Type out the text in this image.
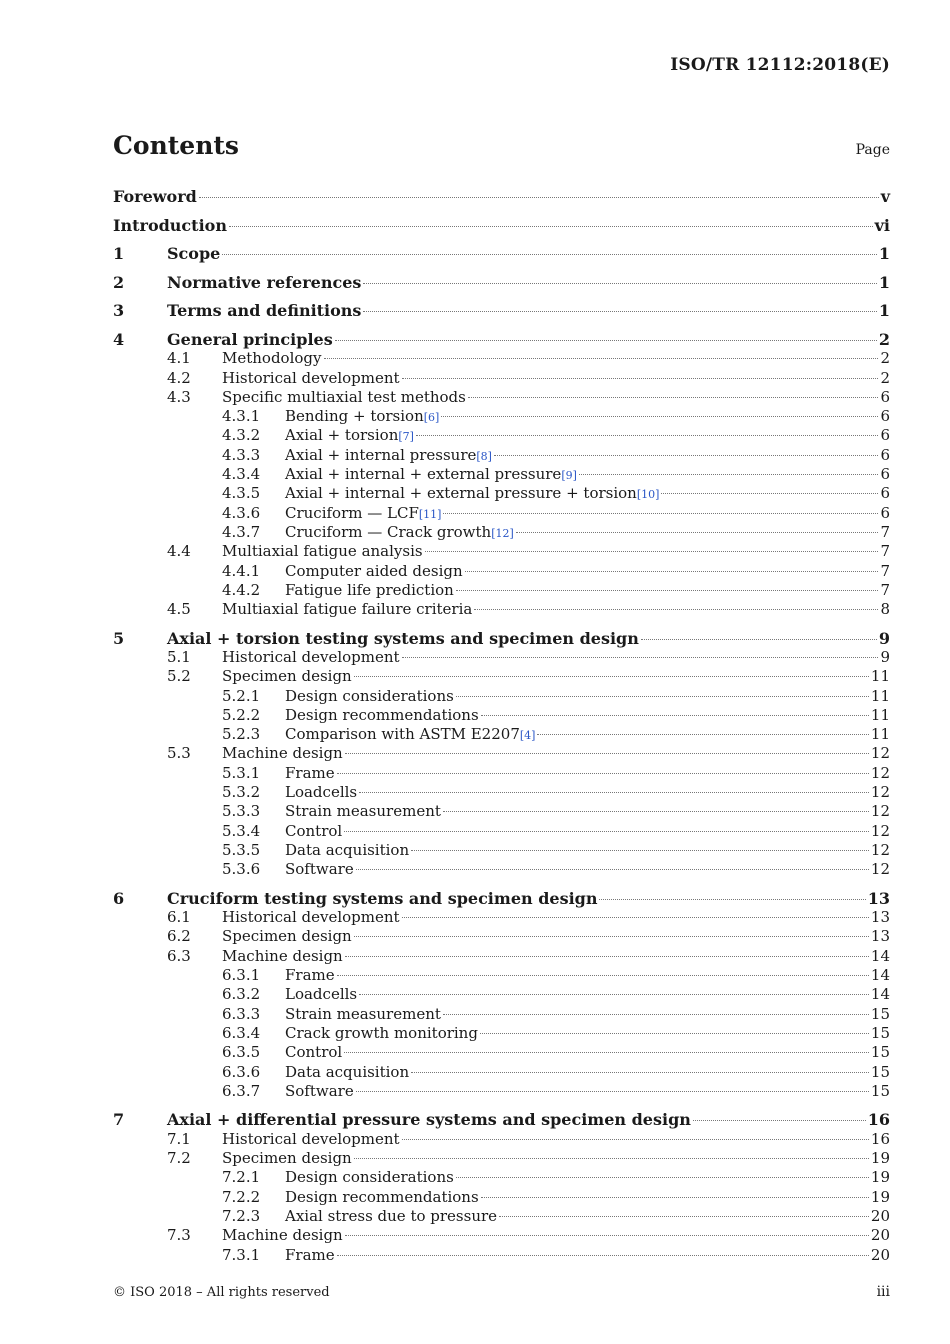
ISO/TR 12112:2018(E)
Contents	Page
Foreword	v
Introduction	vi
1	Scope	1
2	Normative references	1
3	Terms and definitions	1
4	General principles	2
4.1 Methodology	2
4.2 Historical development	2
4.3 Specific multiaxial test methods	6
4.3.1 Bending + torsion [6]	6
4.3.2 Axial + torsion [7]	6
4.3.3 Axial + internal pressure [8]	6
4.3.4 Axial + internal + external pressure [9]	6
4.3.5 Axial + internal + external pressure + torsion [10]	6
4.3.6 Cruciform — LCF [11]	6
4.3.7 Cruciform — Crack growth [12]	7
4.4 Multiaxial fatigue analysis	7
4.4.1 Computer aided design	7
4.4.2 Fatigue life prediction	7
4.5 Multiaxial fatigue failure criteria	8
5	Axial + torsion testing systems and specimen design	9
5.1 Historical development	9
5.2 Specimen design	11
5.2.1 Design considerations	11
5.2.2 Design recommendations	11
5.2.3 Comparison with ASTM E2207 [4]	11
5.3 Machine design	12
5.3.1 Frame	12
5.3.2 Loadcells	12
5.3.3 Strain measurement	12
5.3.4 Control	12
5.3.5 Data acquisition	12
5.3.6 Software	12
6	Cruciform testing systems and specimen design	13
6.1 Historical development	13
6.2 Specimen design	13
6.3 Machine design	14
6.3.1 Frame	14
6.3.2 Loadcells	14
6.3.3 Strain measurement	15
6.3.4 Crack growth monitoring	15
6.3.5 Control	15
6.3.6 Data acquisition	15
6.3.7 Software	15
7	Axial + differential pressure systems and specimen design	16
7.1 Historical development	16
7.2 Specimen design	19
7.2.1 Design considerations	19
7.2.2 Design recommendations	19
7.2.3 Axial stress due to pressure	20
7.3 Machine design	20
7.3.1 Frame	20
© ISO 2018 – All rights reserved	iii
